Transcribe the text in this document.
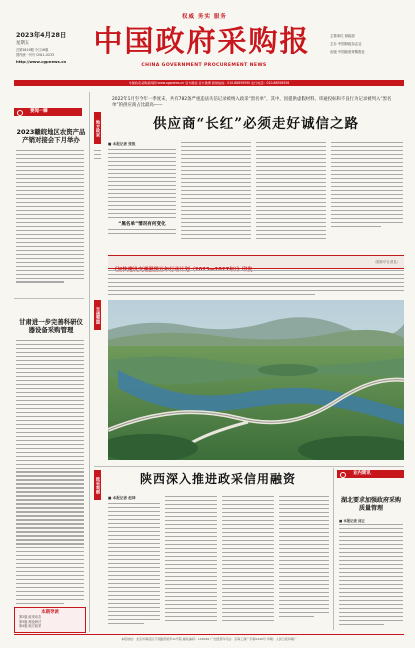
权威 务实 服务
2023年4月28日
星期五
总第2819期 今日16版
国内统一刊号 CN11-0233
http://www.cgpnews.cn
中国政府采购报
CHINA GOVERNMENT PROCUREMENT NEWS
主管单位 财政部
主办 中国财政杂志社
出版 中国政府采购报社
中国政府采购新闻网 www.cgpnews.cn 官方微信 官方微博 新闻热线：010-88659590 发行电话：010-88558926
$^{要闻一瞬}$
2023赣皖地区农资产品产销对接会下月举办
甘肃进一步完善科研仪器设备采购管理
本期导读
第2版 政采动态
第3版 理论研讨
第4版 地方政采
地方政采
2022年1月至今年一季度末，共有782条严重违法失信记录被纳入政采“黑名单”，其中，因提供虚假材料、串通投标和不良行为记录被列入“黑名单”的供应商占比最高——
供应商“长红”必须走好诚信之路
■ 本报记者 张锐
“黑名单”情况有何变化
（据新华社消息）
交通强国
政采观察	陕西深入推进政采信用融资
■ 本报记者 赵坤
$^{业内简讯}$
湖北要求加强政府采购质量管理
■ 本报记者 邱立
本报地址：北京市海淀区万寿路西街甲11号院 邮政编码：100036 广告经营许可证：京海工商广字第0240号 印刷：人民日报印刷厂
